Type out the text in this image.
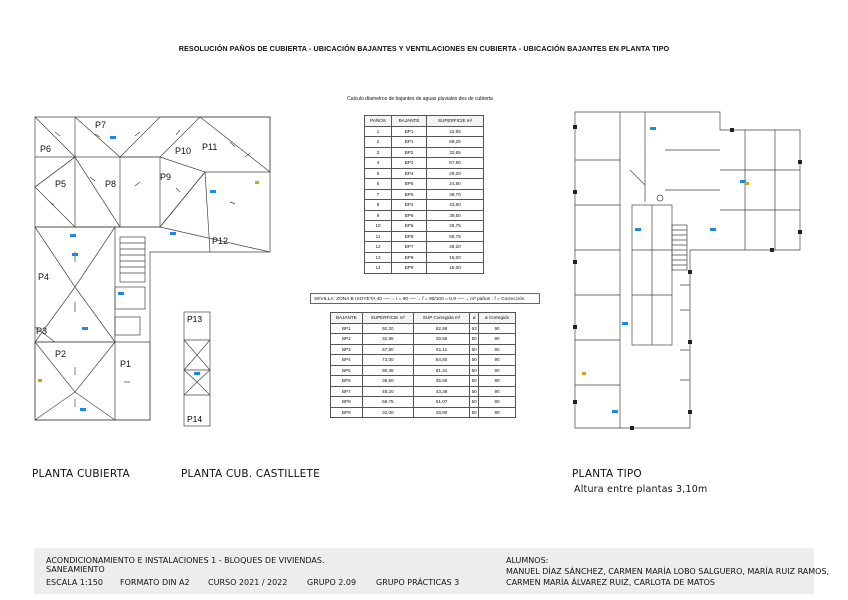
RESOLUCIÓN PAÑOS DE CUBIERTA - UBICACIÓN BAJANTES Y VENTILACIONES EN CUBIERTA - UBICACIÓN BAJANTES EN PLANTA TIPO
P7
P6	P11
P10
P5	P8
P9
P12
P4
P3
P2
P1
P13
P14
Calculo diametros de bajantes de aguas pluviales des de cubierta
PAÑOS	BAJANTE	SUPERFICIE m²
1	BP1	22,95
2	BP1	69,25
3	BP2	32,85
4	BP3	67,80
5	BP4	28,20
6	BP5	24,80
7	BP5	38,70
8	BP4	43,80
9	BP6	39,50
10	BP5	26,75
11	BP8	58,75
12	BP7	48,20
13	BP9	16,00
14	BP9	16,00
SEVILLA: ZONA B ISOYETA 40 ──→ i = 90 ──→ f = 90/100 = 0,9 ──→ m² paños · f = Corrección
BAJANTE	SUPERFICIE m²	SUP Corregida m²	ø	ø Corregido
BP1	92,20	82,98	63	90
BP2	32,85	29,56	50	90
BP3	67,80	61,11	50	90
BP4	72,00	54,80	50	90
BP5	90,35	81,31	50	90
BP6	39,50	35,55	50	90
BP7	48,20	43,38	50	90
BP8	58,75	51,07	50	90
BP9	32,00	28,80	50	90
PLANTA CUBIERTA	PLANTA CUB. CASTILLETE	PLANTA TIPO
Altura entre plantas 3,10m
ACONDICIONAMIENTO E INSTALACIONES 1 - BLOQUES DE VIVIENDAS.
SANEAMIENTO
ESCALA 1:150 FORMATO DIN A2 CURSO 2021 / 2022 GRUPO 2.09 GRUPO PRÁCTICAS 3
ALUMNOS:
MANUEL DÍAZ SÁNCHEZ, CARMEN MARÍA LOBO SALGUERO, MARÍA RUIZ RAMOS,
CARMEN MARÍA ÁLVAREZ RUIZ, CARLOTA DE MATOS
